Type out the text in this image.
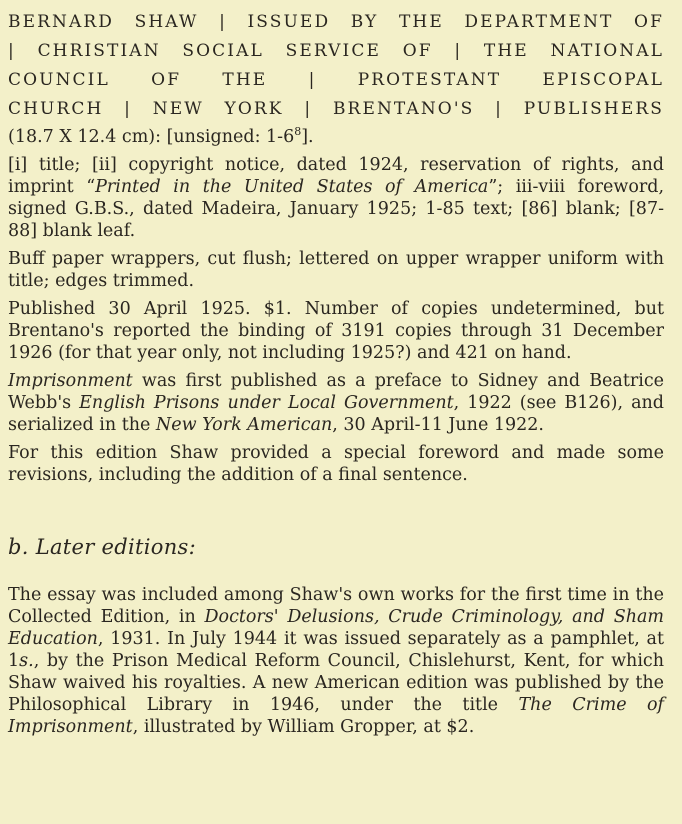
BERNARD SHAW | ISSUED BY THE DEPARTMENT OF
| CHRISTIAN SOCIAL SERVICE OF | THE NATIONAL
COUNCIL OF THE | PROTESTANT EPISCOPAL
CHURCH | NEW YORK | BRENTANO'S | PUBLISHERS

(18.7 X 12.4 cm): [unsigned: $1-6^8$].

[i] title; [ii] copyright notice, dated 1924, reservation of rights, and imprint “Printed in the United States of America”; iii-viii foreword, signed G.B.S., dated Madeira, January 1925; 1-85 text; [86] blank; [87-88] blank leaf.

Buff paper wrappers, cut flush; lettered on upper wrapper uniform with title; edges trimmed.

Published 30 April 1925. $1. Number of copies undetermined, but Brentano's reported the binding of 3191 copies through 31 December 1926 (for that year only, not including 1925?) and 421 on hand.

Imprisonment was first published as a preface to Sidney and Beatrice Webb's English Prisons under Local Government, 1922 (see B126), and serialized in the New York American, 30 April-11 June 1922.

For this edition Shaw provided a special foreword and made some revisions, including the addition of a final sentence.

b. Later editions:

The essay was included among Shaw's own works for the first time in the Collected Edition, in Doctors' Delusions, Crude Criminology, and Sham Education, 1931. In July 1944 it was issued separately as a pamphlet, at 1s., by the Prison Medical Reform Council, Chislehurst, Kent, for which Shaw waived his royalties. A new American edition was published by the Philosophical Library in 1946, under the title The Crime of Imprisonment, illustrated by William Gropper, at $2.
